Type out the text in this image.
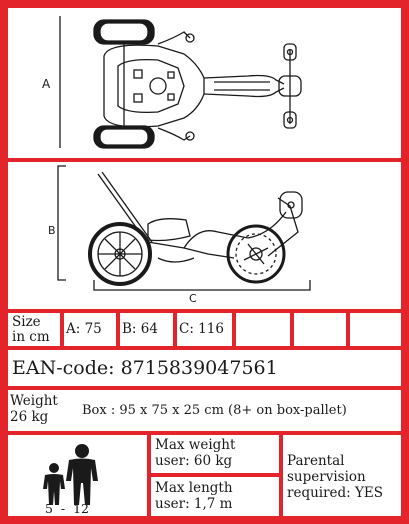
A
B
C
Size
in cm A: 75 B: 64 C: 116
EAN-code: 8715839047561
Weight
26 kg	Box : 95 x 75 x 25 cm (8+ on box-pallet)
5  -  12
Max weight
user: 60 kg
Max length
user: 1,7 m
Parental
supervision
required: YES
